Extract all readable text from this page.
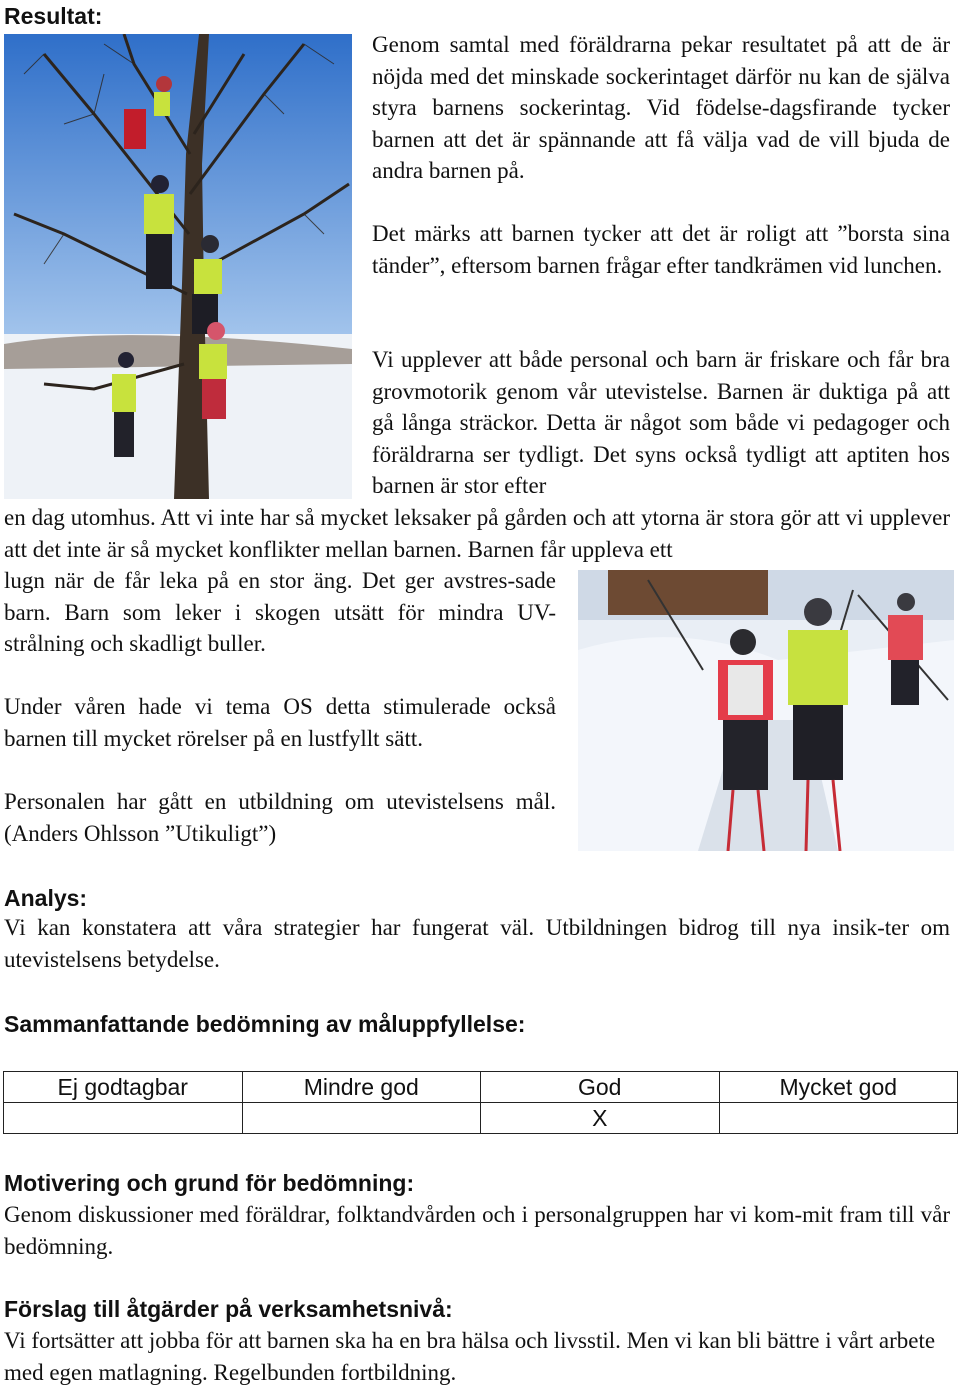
Resultat:

Genom samtal med föräldrarna pekar resultatet på att de är nöjda med det minskade sockerintaget därför nu kan de själva styra barnens sockerintag. Vid födelse-dagsfirande tycker barnen att det är spännande att få välja vad de vill bjuda de andra barnen på.

Det märks att barnen tycker att det är roligt att ”borsta sina tänder”, eftersom barnen frågar efter tandkrämen vid lunchen.

Vi upplever att både personal och barn är friskare och får bra grovmotorik genom vår utevistelse. Barnen är duktiga på att gå långa sträckor. Detta är något som både vi pedagoger och föräldrarna ser tydligt. Det syns också tydligt att aptiten hos barnen är stor efter

en dag utomhus. Att vi inte har så mycket leksaker på gården och att ytorna är stora gör att vi upplever att det inte är så mycket konflikter mellan barnen. Barnen får uppleva ett

lugn när de får leka på en stor äng. Det ger avstres-sade barn. Barn som leker i skogen utsätt för mindra UV-strålning och skadligt buller.

Under våren hade vi tema OS detta stimulerade också barnen till mycket rörelser på en lustfyllt sätt.

Personalen har gått en utbildning om utevistelsens mål. (Anders Ohlsson ”Utikuligt”)

Analys:

Vi kan konstatera att våra strategier har fungerat väl. Utbildningen bidrog till nya insik-ter om utevistelsens betydelse.

Sammanfattande bedömning av måluppfyllelse:
Ej godtagbar	Mindre god	God	Mycket god
		X	
Motivering och grund för bedömning:

Genom diskussioner med föräldrar, folktandvården och i personalgruppen har vi kom-mit fram till vår bedömning.

Förslag till åtgärder på verksamhetsnivå:

Vi fortsätter att jobba för att barnen ska ha en bra hälsa och livsstil. Men vi kan bli bättre i vårt arbete med egen matlagning. Regelbunden fortbildning.
